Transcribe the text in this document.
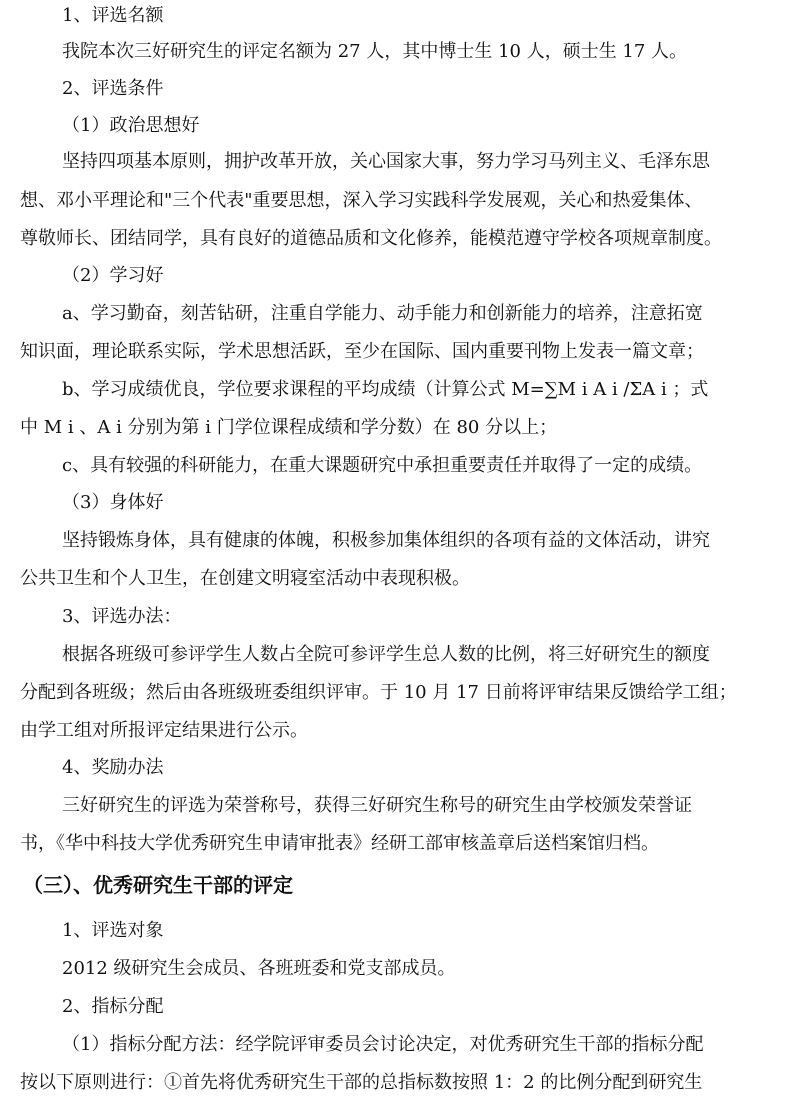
1、评选名额
我院本次三好研究生的评定名额为 27 人，其中博士生 10 人，硕士生 17 人。
2、评选条件
（1）政治思想好
坚持四项基本原则，拥护改革开放，关心国家大事，努力学习马列主义、毛泽东思
想、邓小平理论和"三个代表"重要思想，深入学习实践科学发展观，关心和热爱集体、
尊敬师长、团结同学，具有良好的道德品质和文化修养，能模范遵守学校各项规章制度。
（2）学习好
a、学习勤奋，刻苦钻研，注重自学能力、动手能力和创新能力的培养，注意拓宽
知识面，理论联系实际，学术思想活跃，至少在国际、国内重要刊物上发表一篇文章；
b、学习成绩优良，学位要求课程的平均成绩（计算公式 M=∑M i A i /ΣA i ；式
中 M i 、A i 分别为第 i 门学位课程成绩和学分数）在 80 分以上；
c、具有较强的科研能力，在重大课题研究中承担重要责任并取得了一定的成绩。
（3）身体好
坚持锻炼身体，具有健康的体魄，积极参加集体组织的各项有益的文体活动，讲究
公共卫生和个人卫生，在创建文明寝室活动中表现积极。
3、评选办法：
根据各班级可参评学生人数占全院可参评学生总人数的比例，将三好研究生的额度
分配到各班级；然后由各班级班委组织评审。于 10 月 17 日前将评审结果反馈给学工组；
由学工组对所报评定结果进行公示。
4、奖励办法
三好研究生的评选为荣誉称号，获得三好研究生称号的研究生由学校颁发荣誉证
书，《华中科技大学优秀研究生申请审批表》经研工部审核盖章后送档案馆归档。
（三）、优秀研究生干部的评定
1、评选对象
2012 级研究生会成员、各班班委和党支部成员。
2、指标分配
（1）指标分配方法：经学院评审委员会讨论决定，对优秀研究生干部的指标分配
按以下原则进行：①首先将优秀研究生干部的总指标数按照 1：2 的比例分配到研究生
